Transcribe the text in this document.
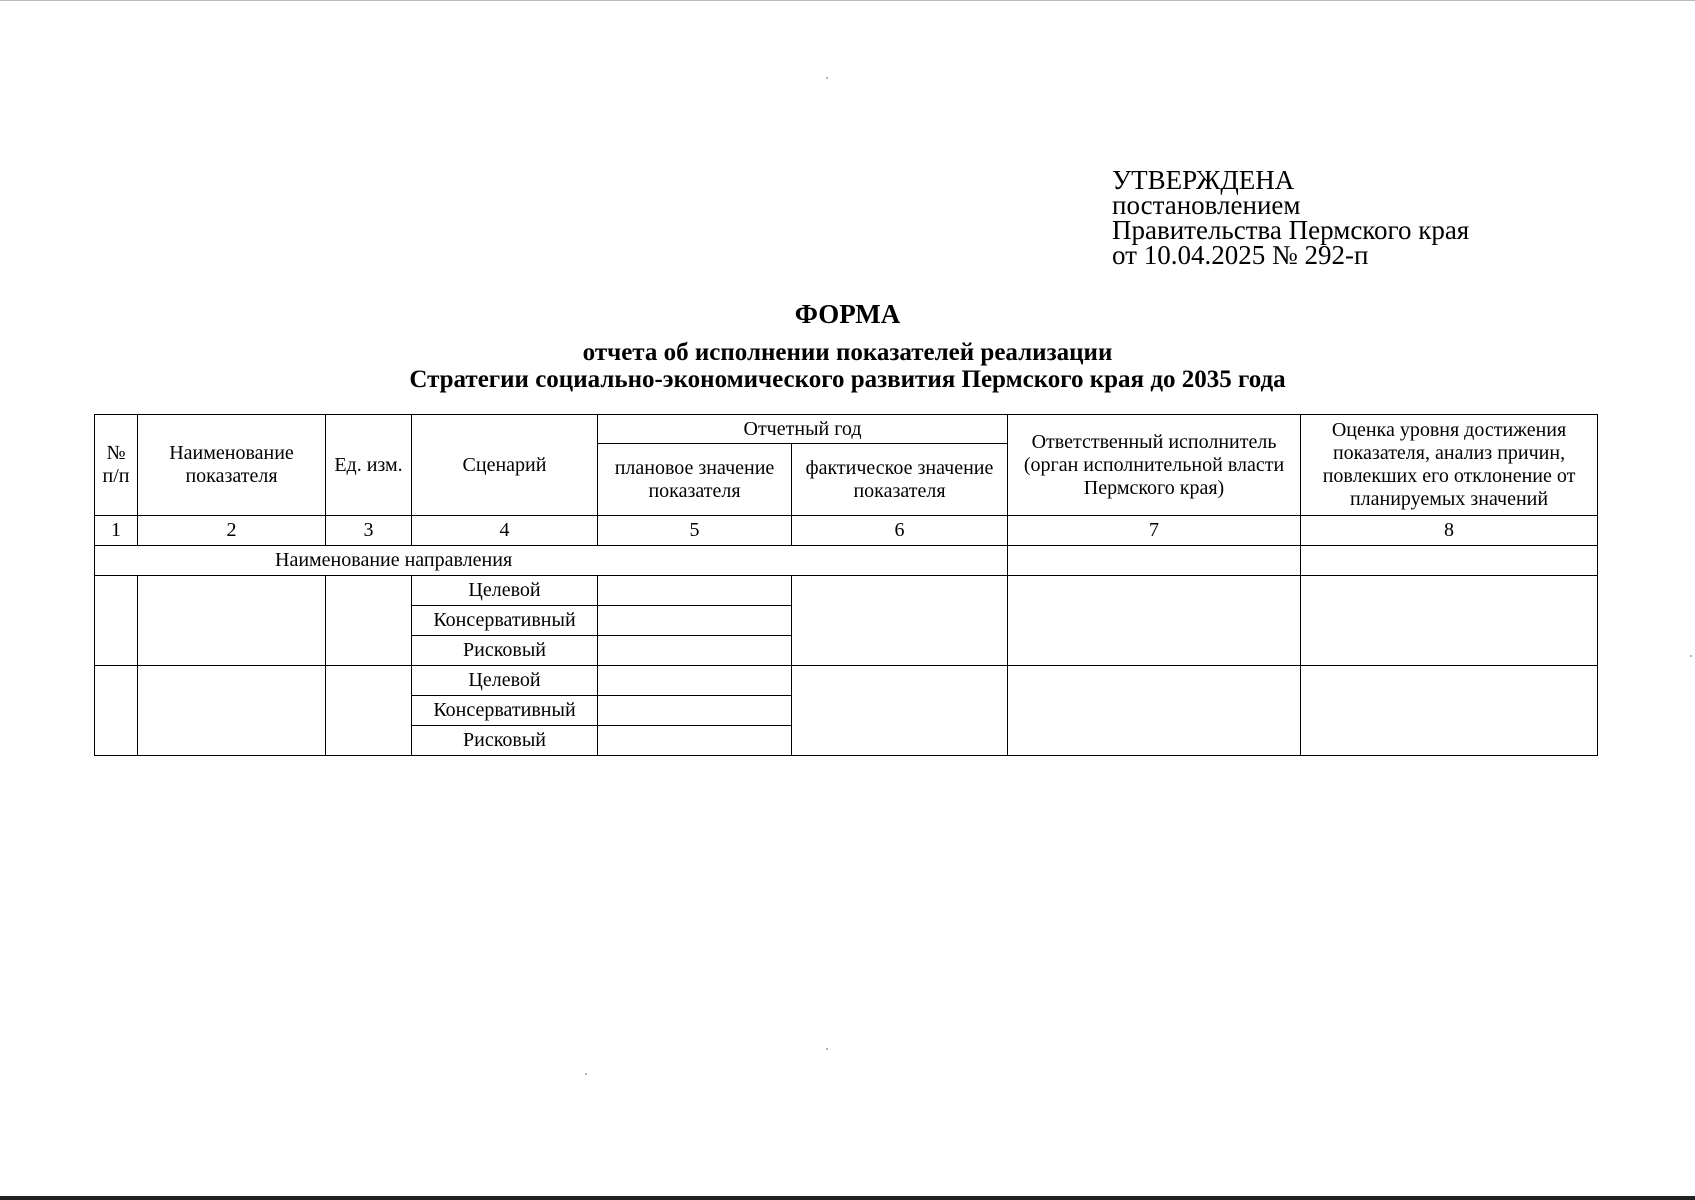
УТВЕРЖДЕНА
постановлением
Правительства Пермского края
от 10.04.2025 № 292-п
ФОРМА
отчета об исполнении показателей реализации
Стратегии социально-экономического развития Пермского края до 2035 года
№ п/п	Наименование показателя	Ед. изм.	Сценарий	Отчетный год		Ответственный исполнитель (орган исполнительной власти Пермского края)	Оценка уровня достижения показателя, анализ причин, повлекших его отклонение от планируемых значений
				плановое значение показателя	фактическое значение показателя		
1	2	3	4	5	6	7	8
Наименование направления							
			Целевой				
			Консервативный				
			Рисковый				
			Целевой				
			Консервативный				
			Рисковый				
